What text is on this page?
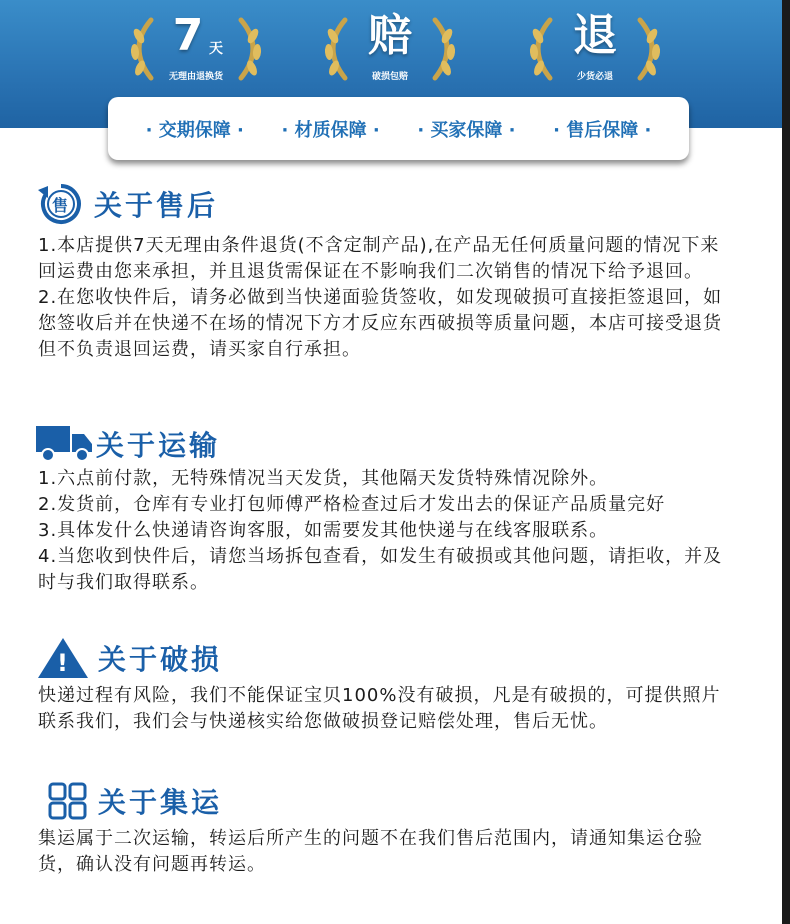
7 天
无理由退换货
赔
破损包赔
退
少货必退
· 交期保障 · · 材质保障 · · 买家保障 · · 售后保障 ·
售 关于售后

1.本店提供7天无理由条件退货(不含定制产品),在产品无任何质量问题的情况下来回运费由您来承担，并且退货需保证在不影响我们二次销售的情况下给予退回。

2.在您收快件后，请务必做到当快递面验货签收，如发现破损可直接拒签退回，如您签收后并在快递不在场的情况下方才反应东西破损等质量问题，本店可接受退货但不负责退回运费，请买家自行承担。

关于运输

1.六点前付款，无特殊情况当天发货，其他隔天发货特殊情况除外。

2.发货前，仓库有专业打包师傅严格检查过后才发出去的保证产品质量完好

3.具体发什么快递请咨询客服，如需要发其他快递与在线客服联系。

4.当您收到快件后，请您当场拆包查看，如发生有破损或其他问题，请拒收，并及时与我们取得联系。

! 关于破损

快递过程有风险，我们不能保证宝贝100%没有破损，凡是有破损的，可提供照片联系我们，我们会与快递核实给您做破损登记赔偿处理，售后无忧。

关于集运

集运属于二次运输，转运后所产生的问题不在我们售后范围内，请通知集运仓验货，确认没有问题再转运。
